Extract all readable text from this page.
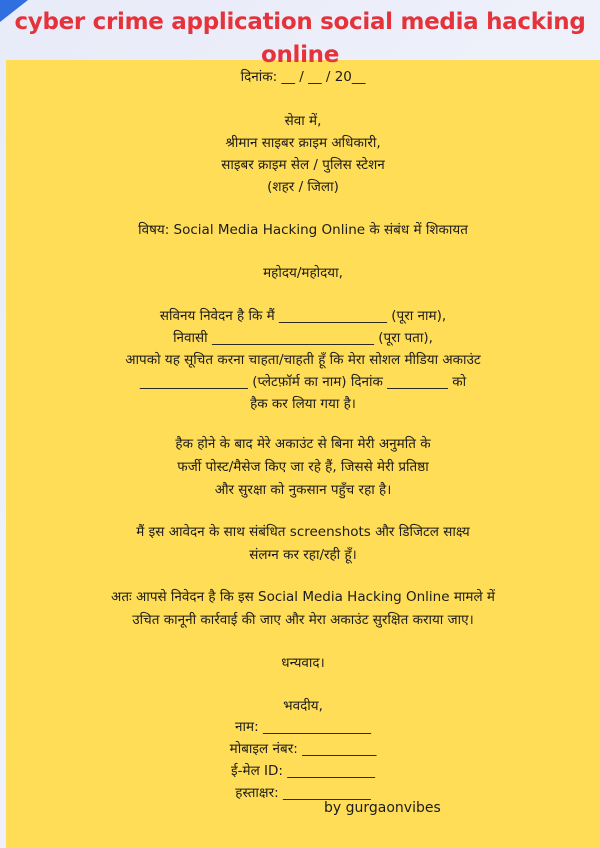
cyber crime application social media hacking online
दिनांक: __ / __ / 20__
सेवा में,
श्रीमान साइबर क्राइम अधिकारी,
साइबर क्राइम सेल / पुलिस स्टेशन
(शहर / जिला)
विषय: Social Media Hacking Online के संबंध में शिकायत
महोदय/महोदया,
सविनय निवेदन है कि मैं ________________ (पूरा नाम),
निवासी ________________________ (पूरा पता),
आपको यह सूचित करना चाहता/चाहती हूँ कि मेरा सोशल मीडिया अकाउंट
________________ (प्लेटफ़ॉर्म का नाम) दिनांक _________ को
हैक कर लिया गया है।
हैक होने के बाद मेरे अकाउंट से बिना मेरी अनुमति के
फर्जी पोस्ट/मैसेज किए जा रहे हैं, जिससे मेरी प्रतिष्ठा
और सुरक्षा को नुकसान पहुँच रहा है।
मैं इस आवेदन के साथ संबंधित screenshots और डिजिटल साक्ष्य
संलग्न कर रहा/रही हूँ।
अतः आपसे निवेदन है कि इस Social Media Hacking Online मामले में
उचित कानूनी कार्रवाई की जाए और मेरा अकाउंट सुरक्षित कराया जाए।
धन्यवाद।
भवदीय,
नाम: ________________
मोबाइल नंबर: ___________
ई-मेल ID: _____________
हस्ताक्षर: _____________
by gurgaonvibes
